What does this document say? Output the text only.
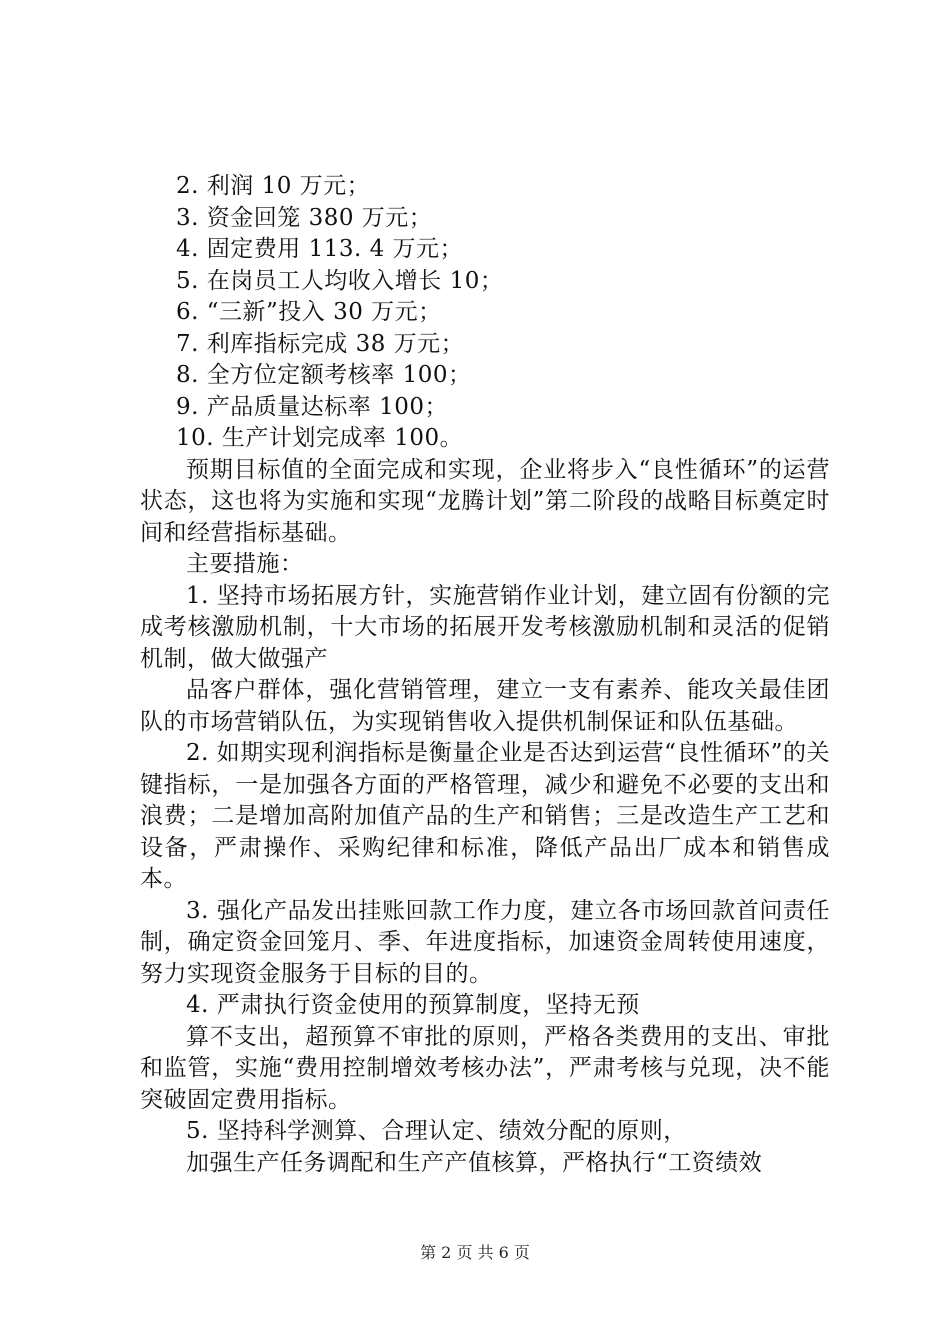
2. 利润 10 万元；
3. 资金回笼 380 万元；
4. 固定费用 113. 4 万元；
5. 在岗员工人均收入增长 10；
6. “三新”投入 30 万元；
7. 利库指标完成 38 万元；
8. 全方位定额考核率 100；
9. 产品质量达标率 100；
10. 生产计划完成率 100。

预期目标值的全面完成和实现，企业将步入“良性循环”的运营状态，这也将为实施和实现“龙腾计划”第二阶段的战略目标奠定时间和经营指标基础。

主要措施：

1. 坚持市场拓展方针，实施营销作业计划，建立固有份额的完成考核激励机制，十大市场的拓展开发考核激励机制和灵活的促销机制，做大做强产

品客户群体，强化营销管理，建立一支有素养、能攻关最佳团队的市场营销队伍，为实现销售收入提供机制保证和队伍基础。

2. 如期实现利润指标是衡量企业是否达到运营“良性循环”的关键指标，一是加强各方面的严格管理，减少和避免不必要的支出和浪费；二是增加高附加值产品的生产和销售；三是改造生产工艺和设备，严肃操作、采购纪律和标准，降低产品出厂成本和销售成本。

3. 强化产品发出挂账回款工作力度，建立各市场回款首问责任制，确定资金回笼月、季、年进度指标，加速资金周转使用速度，努力实现资金服务于目标的目的。

4. 严肃执行资金使用的预算制度，坚持无预

算不支出，超预算不审批的原则，严格各类费用的支出、审批和监管，实施“费用控制增效考核办法”，严肃考核与兑现，决不能突破固定费用指标。

5. 坚持科学测算、合理认定、绩效分配的原则，

加强生产任务调配和生产产值核算，严格执行“工资绩效

第 2 页 共 6 页
